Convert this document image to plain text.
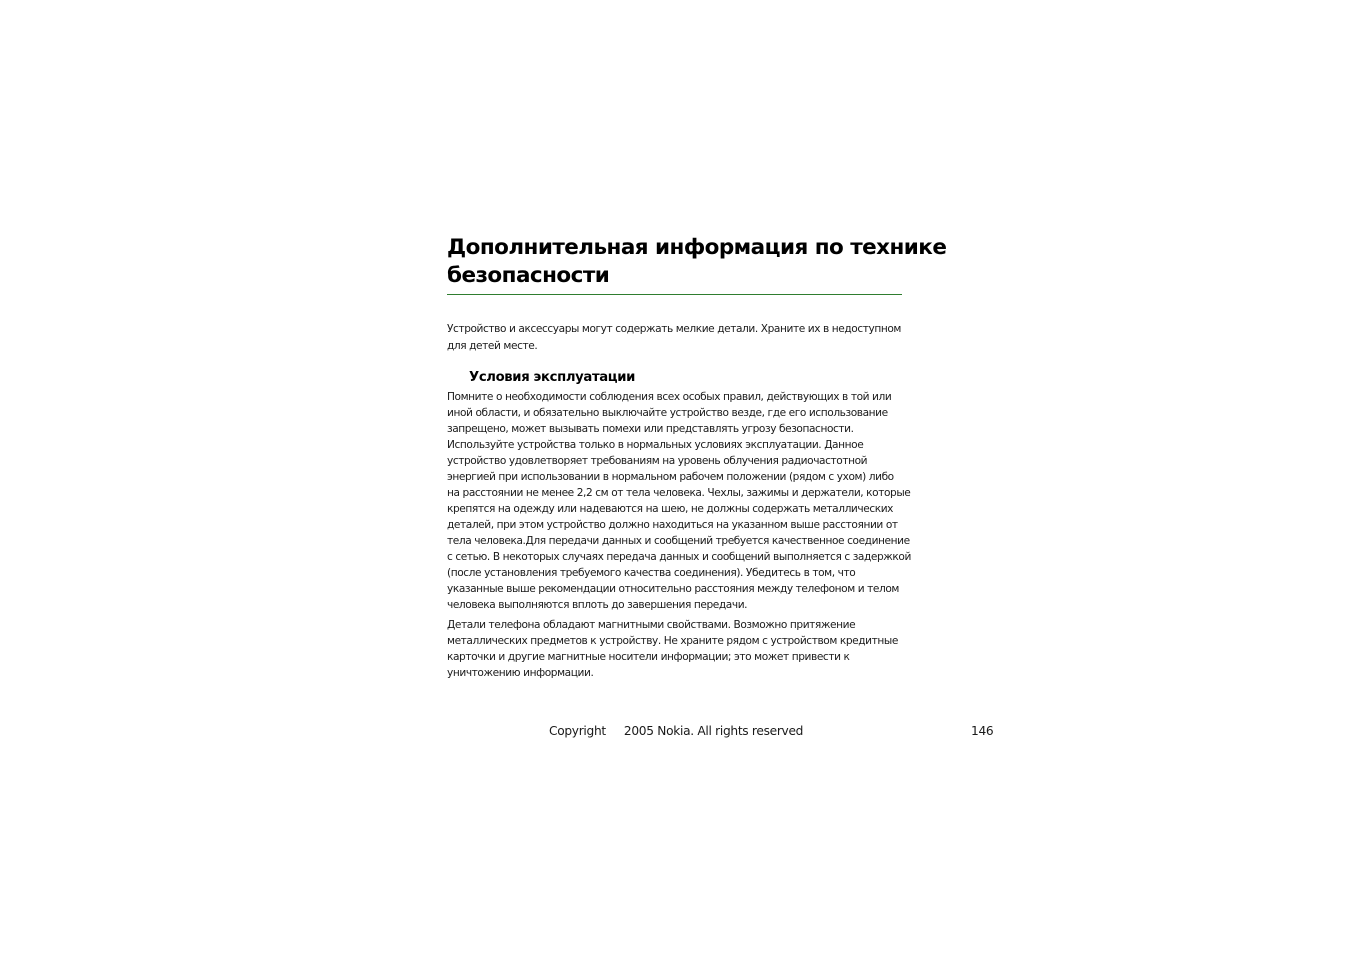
Дополнительная информация по технике
безопасности
Устройство и аксессуары могут содержать мелкие детали. Храните их в недоступном
для детей месте.
Условия эксплуатации
Помните о необходимости соблюдения всех особых правил, действующих в той или
иной области, и обязательно выключайте устройство везде, где его использование
запрещено, может вызывать помехи или представлять угрозу безопасности.
Используйте устройства только в нормальных условиях эксплуатации. Данное
устройство удовлетворяет требованиям на уровень облучения радиочастотной
энергией при использовании в нормальном рабочем положении (рядом с ухом) либо
на расстоянии не менее 2,2 см от тела человека. Чехлы, зажимы и держатели, которые
крепятся на одежду или надеваются на шею, не должны содержать металлических
деталей, при этом устройство должно находиться на указанном выше расстоянии от
тела человека.Для передачи данных и сообщений требуется качественное соединение
с сетью. В некоторых случаях передача данных и сообщений выполняется с задержкой
(после установления требуемого качества соединения). Убедитесь в том, что
указанные выше рекомендации относительно расстояния между телефоном и телом
человека выполняются вплоть до завершения передачи.
Детали телефона обладают магнитными свойствами. Возможно притяжение
металлических предметов к устройству. Не храните рядом с устройством кредитные
карточки и другие магнитные носители информации; это может привести к
уничтожению информации.
Copyright 2005 Nokia. All rights reserved	146
